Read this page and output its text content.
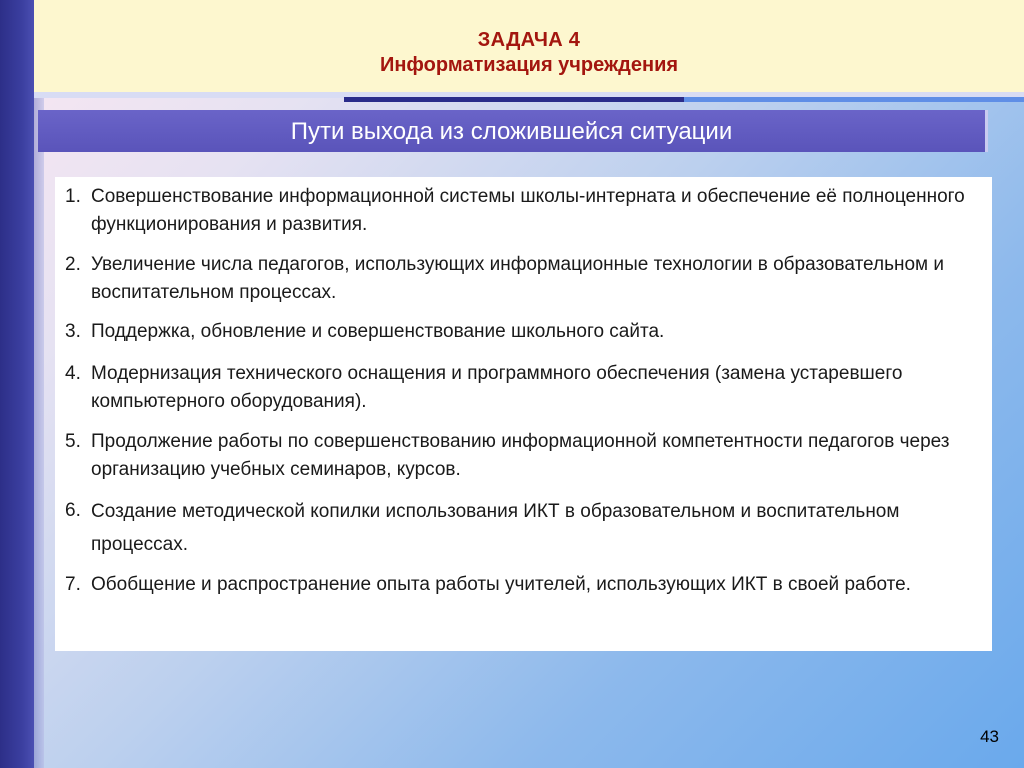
ЗАДАЧА 4
Информатизация учреждения
Пути выхода из сложившейся ситуации
1. Совершенствование информационной системы школы-интерната и обеспечение её полноценного функционирования и развития.
2. Увеличение числа педагогов, использующих информационные технологии в образовательном и воспитательном процессах.
3. Поддержка, обновление и совершенствование школьного сайта.
4. Модернизация технического оснащения и программного обеспечения (замена устаревшего компьютерного оборудования).
5. Продолжение работы по совершенствованию информационной компетентности педагогов через организацию учебных семинаров, курсов.
6. Создание методической копилки использования ИКТ в образовательном и воспитательном процессах.
7. Обобщение и распространение опыта работы учителей, использующих ИКТ в своей работе.
43
